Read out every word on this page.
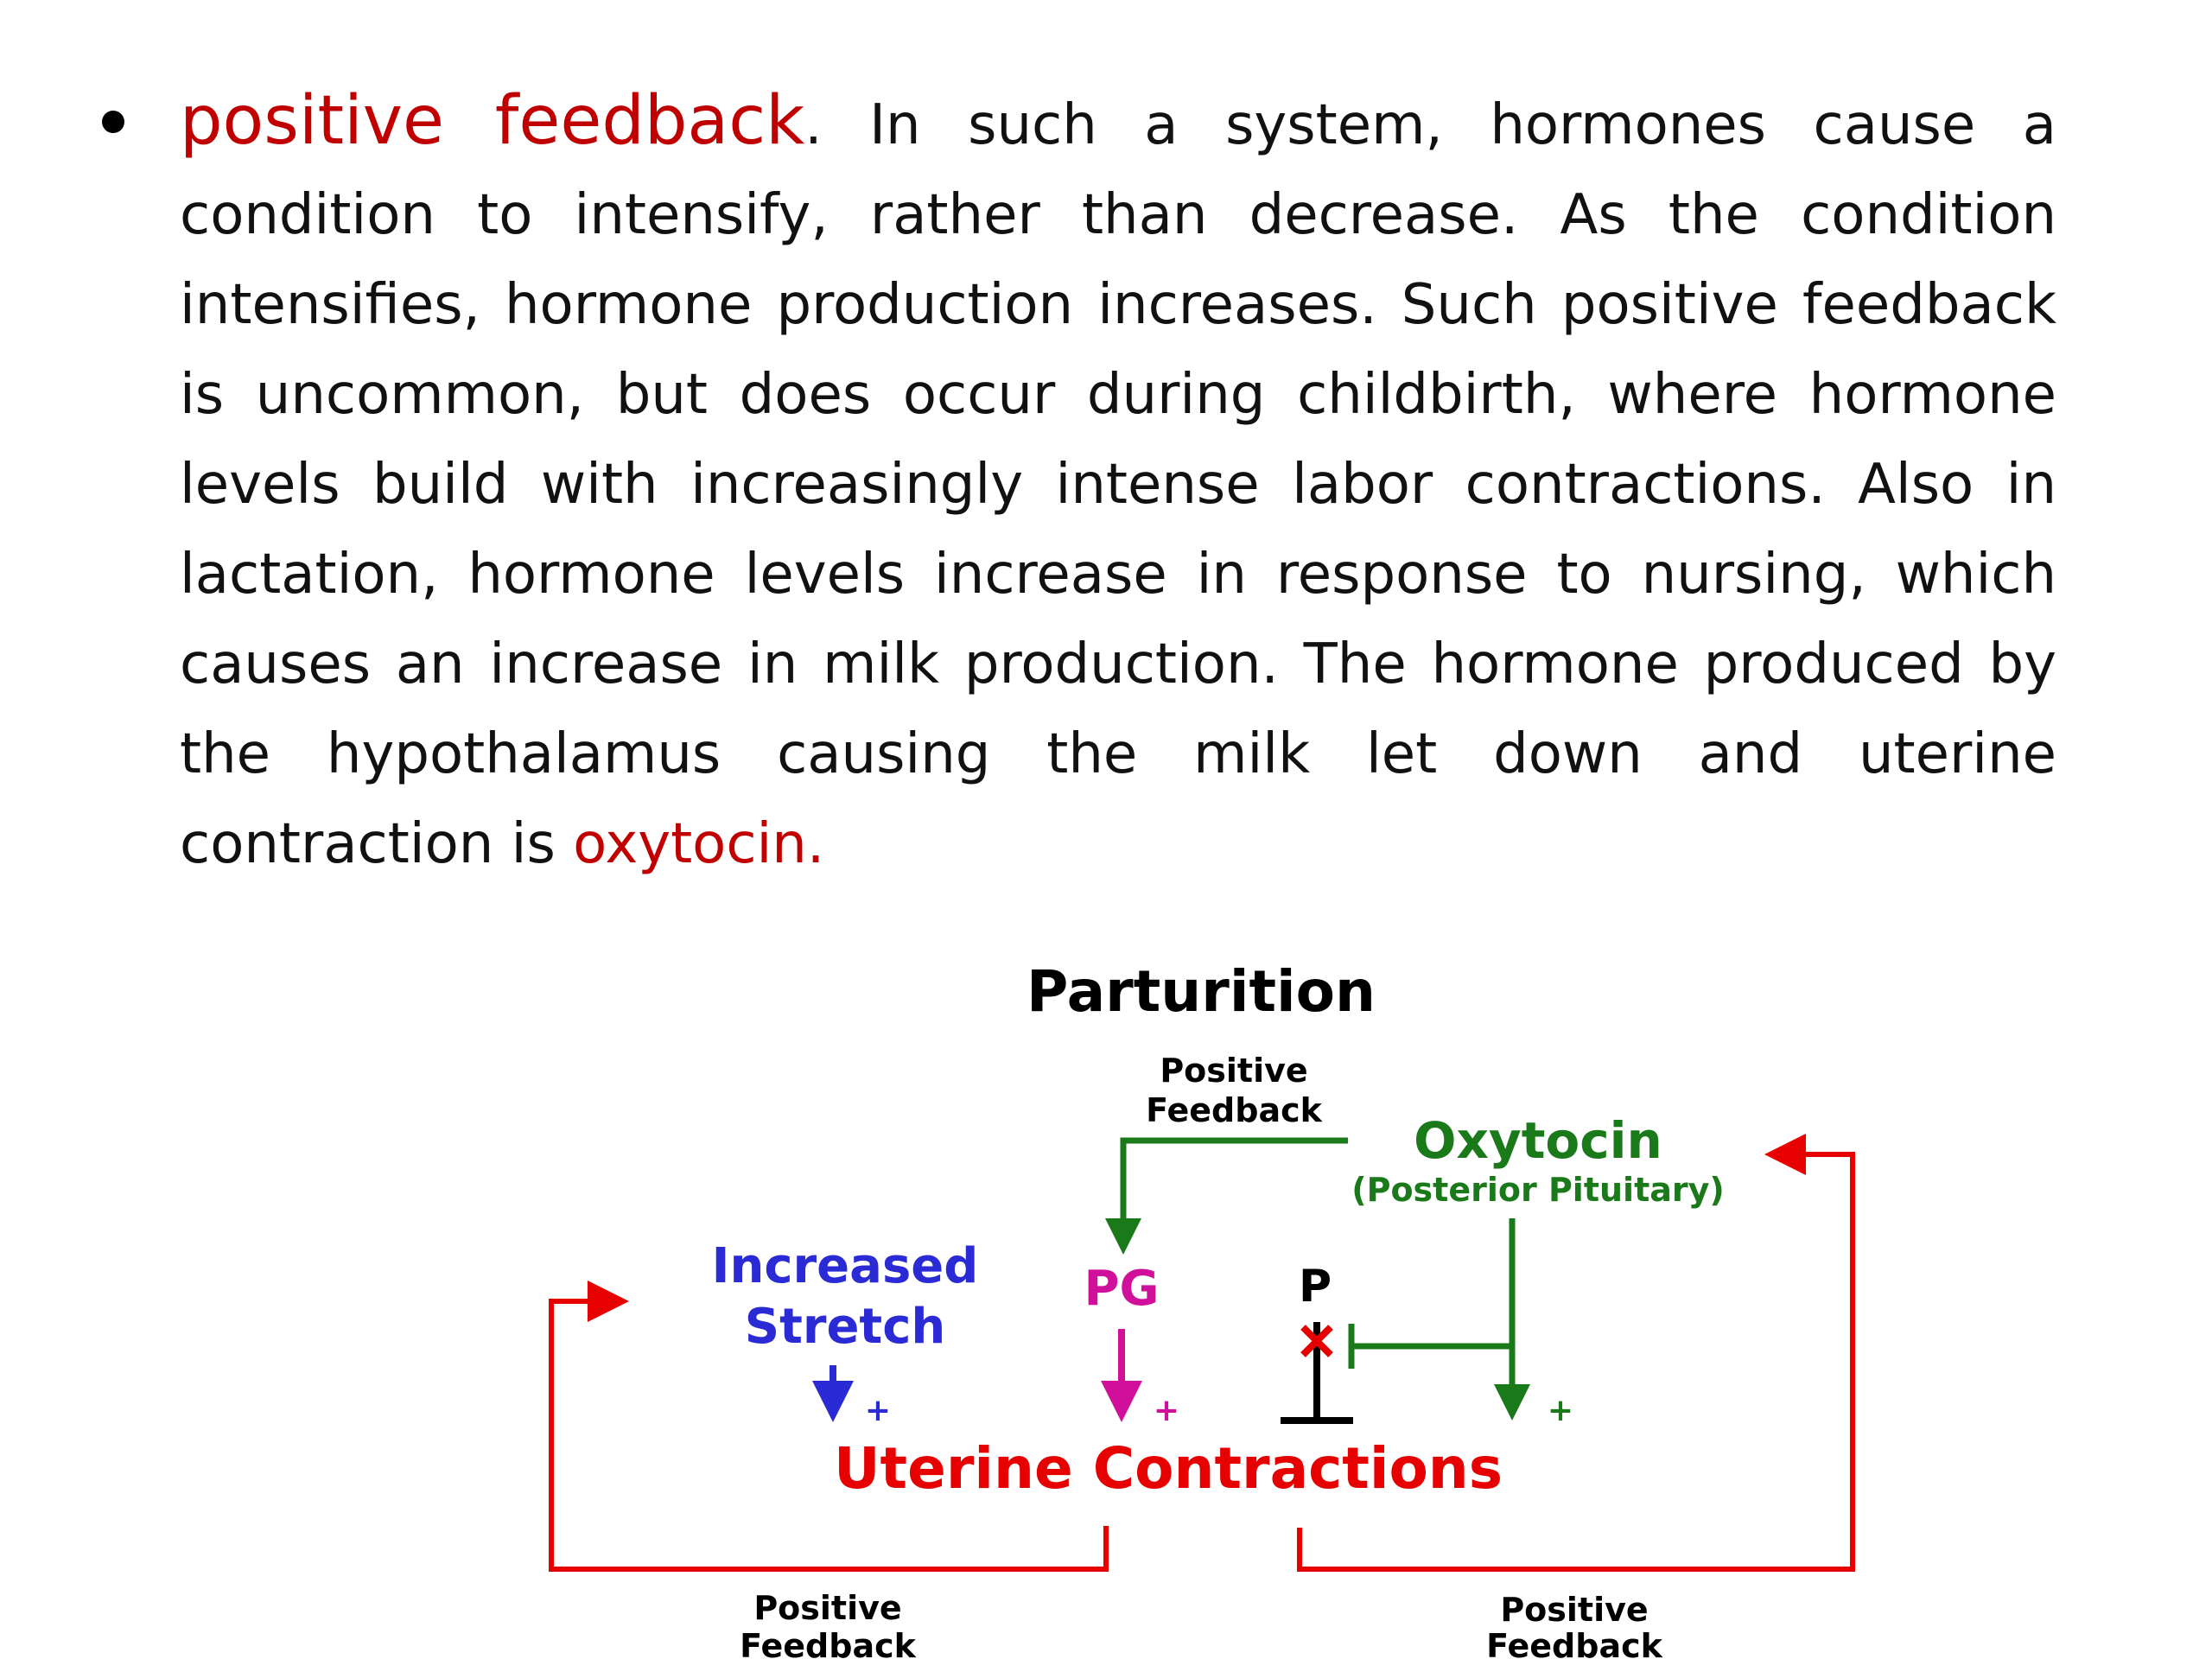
positive feedback. In such a system, hormones cause a condition to intensify, rather than decrease. As the condition intensifies, hormone production increases. Such positive feedback is uncommon, but does occur during childbirth, where hormone levels build with increasingly intense labor contractions. Also in lactation, hormone levels increase in response to nursing, which causes an increase in milk production. The hormone produced by the hypothalamus causing the milk let down and uterine contraction is oxytocin.
Parturition
Positive
Feedback
Oxytocin
(Posterior Pituitary)
Increased
Stretch
PG	P
Uterine Contractions
Positive
Feedback
Positive
Feedback
+	+	+
